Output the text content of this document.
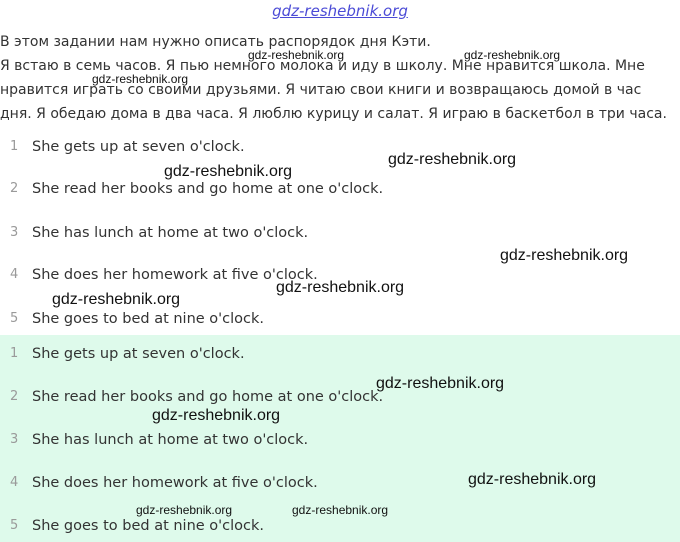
gdz-reshebnik.org

В этом задании нам нужно описать распорядок дня Кэти.

Я встаю в семь часов. Я пью немного молока и иду в школу. Мне нравится школа. Мне

нравится играть со своими друзьями. Я читаю свои книги и возвращаюсь домой в час

дня. Я обедаю дома в два часа. Я люблю курицу и салат. Я играю в баскетбол в три часа.

1 She gets up at seven o'clock.
2 She read her books and go home at one o'clock.
3 She has lunch at home at two o'clock.
4 She does her homework at five o'clock.
5 She goes to bed at nine o'clock.
1 She gets up at seven o'clock.
2 She read her books and go home at one o'clock.
3 She has lunch at home at two o'clock.
4 She does her homework at five o'clock.
5 She goes to bed at nine o'clock.
gdz-reshebnik.org	gdz-reshebnik.org
gdz-reshebnik.org
gdz-reshebnik.org
gdz-reshebnik.org
gdz-reshebnik.org
gdz-reshebnik.org
gdz-reshebnik.org
gdz-reshebnik.org
gdz-reshebnik.org
gdz-reshebnik.org
gdz-reshebnik.org	gdz-reshebnik.org
